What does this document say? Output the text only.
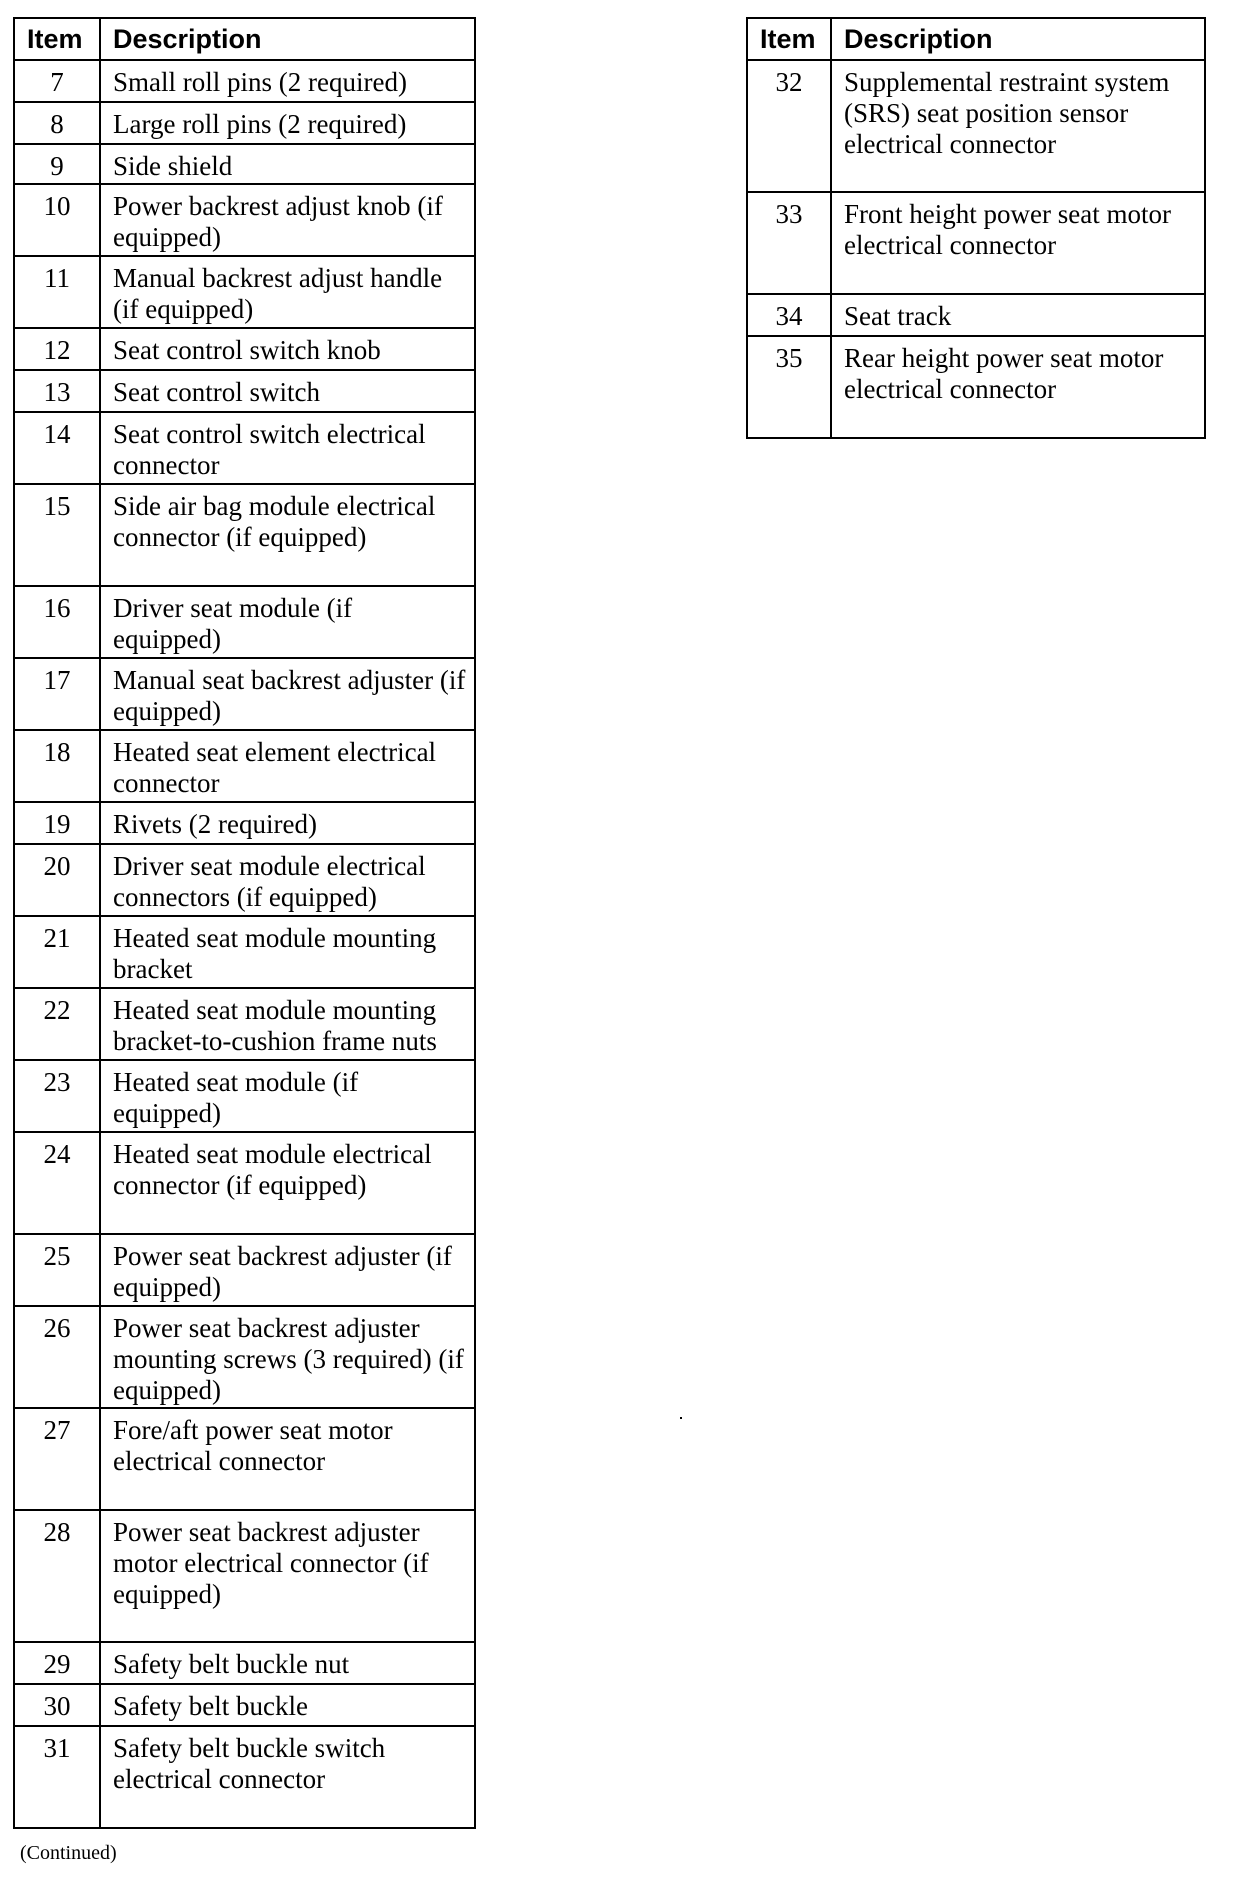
Item	Description
7	Small roll pins (2 required)
8	Large roll pins (2 required)
9	Side shield
10	Power backrest adjust knob (if equipped)
11	Manual backrest adjust handle (if equipped)
12	Seat control switch knob
13	Seat control switch
14	Seat control switch electrical connector
15	Side air bag module electrical connector (if equipped)
16	Driver seat module (if equipped)
17	Manual seat backrest adjuster (if equipped)
18	Heated seat element electrical connector
19	Rivets (2 required)
20	Driver seat module electrical connectors (if equipped)
21	Heated seat module mounting bracket
22	Heated seat module mounting bracket-to-cushion frame nuts
23	Heated seat module (if equipped)
24	Heated seat module electrical connector (if equipped)
25	Power seat backrest adjuster (if equipped)
26	Power seat backrest adjuster mounting screws (3 required) (if equipped)
27	Fore/aft power seat motor electrical connector
28	Power seat backrest adjuster motor electrical connector (if equipped)
29	Safety belt buckle nut
30	Safety belt buckle
31	Safety belt buckle switch electrical connector
Item	Description
32	Supplemental restraint system (SRS) seat position sensor electrical connector
33	Front height power seat motor electrical connector
34	Seat track
35	Rear height power seat motor electrical connector
(Continued)
